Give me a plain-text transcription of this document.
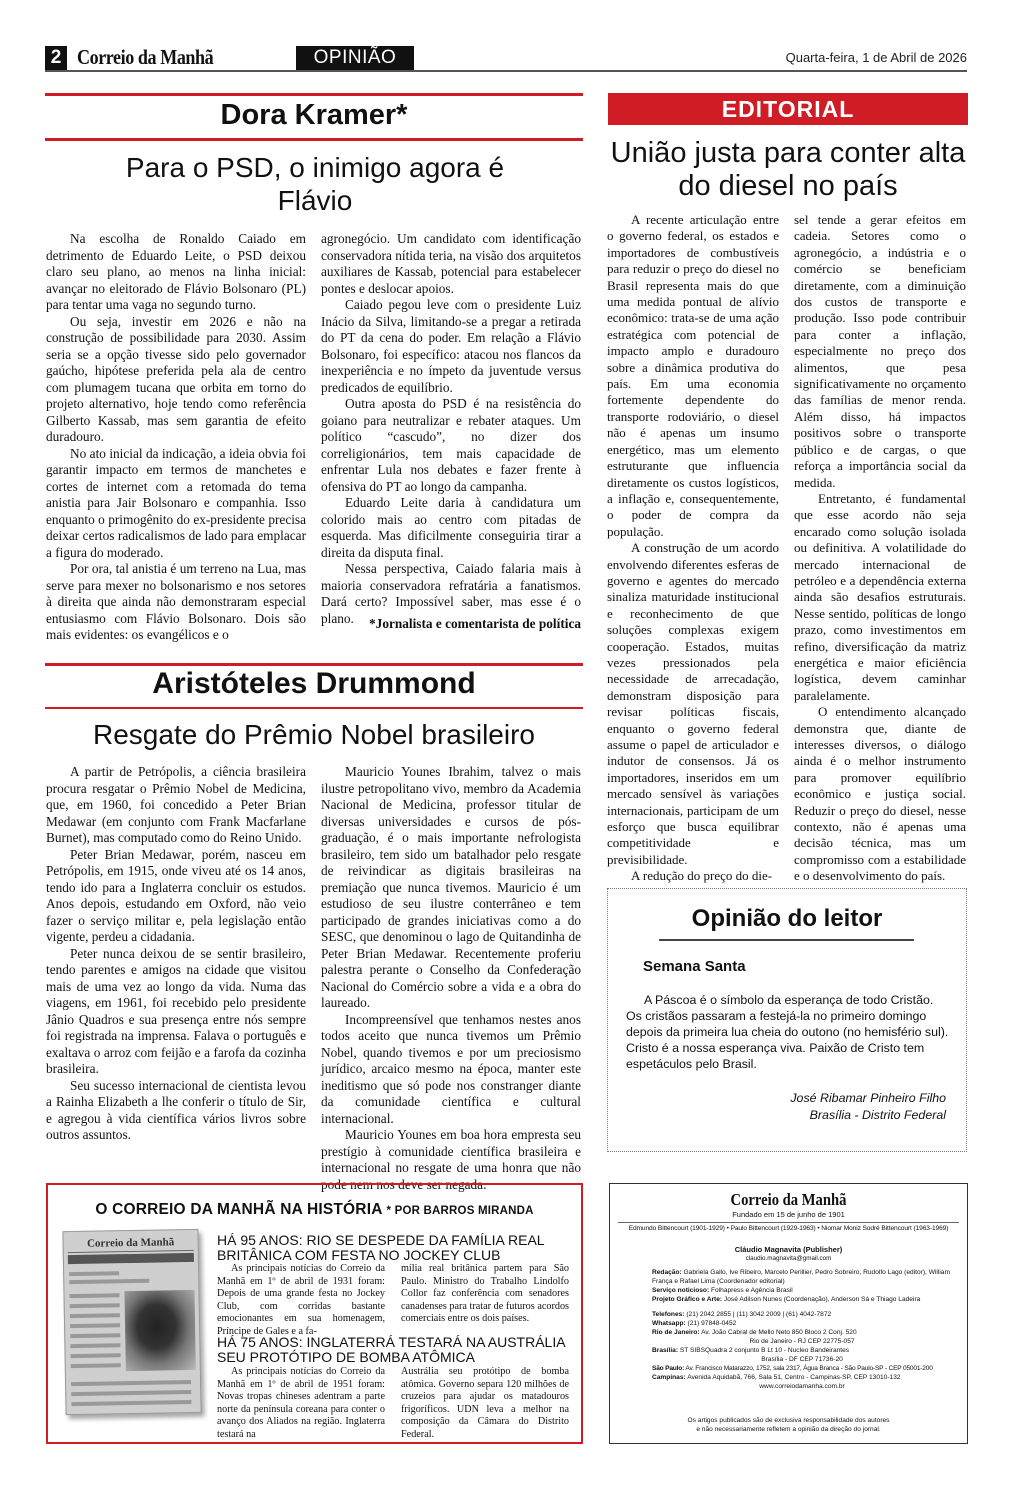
2 Correio da Manhã	OPINIÃO	Quarta-feira, 1 de Abril de 2026
Dora Kramer*
Para o PSD, o inimigo agora é Flávio

Na escolha de Ronaldo Caiado em detrimento de Eduardo Leite, o PSD deixou claro seu plano, ao menos na linha inicial: avançar no eleitorado de Flávio Bolsonaro (PL) para tentar uma vaga no segundo turno.

Ou seja, investir em 2026 e não na construção de possibilidade para 2030. Assim seria se a opção tivesse sido pelo governador gaúcho, hipótese preferida pela ala de centro com plumagem tucana que orbita em torno do projeto alternativo, hoje tendo como referência Gilberto Kassab, mas sem garantia de efeito duradouro.

No ato inicial da indicação, a ideia obvia foi garantir impacto em termos de manchetes e cortes de internet com a retomada do tema anistia para Jair Bolsonaro e companhia. Isso enquanto o primogênito do ex-presidente precisa deixar certos radicalismos de lado para emplacar a figura do moderado.

Por ora, tal anistia é um terreno na Lua, mas serve para mexer no bolsonarismo e nos setores à direita que ainda não demonstraram especial entusiasmo com Flávio Bolsonaro. Dois são mais evidentes: os evangélicos e o

agronegócio. Um candidato com identificação conservadora nítida teria, na visão dos arquitetos auxiliares de Kassab, potencial para estabelecer pontes e deslocar apoios.

Caiado pegou leve com o presidente Luiz Inácio da Silva, limitando-se a pregar a retirada do PT da cena do poder. Em relação a Flávio Bolsonaro, foi específico: atacou nos flancos da inexperiência e no ímpeto da juventude versus predicados de equilíbrio.

Outra aposta do PSD é na resistência do goiano para neutralizar e rebater ataques. Um político “cascudo”, no dizer dos correligionários, tem mais capacidade de enfrentar Lula nos debates e fazer frente à ofensiva do PT ao longo da campanha.

Eduardo Leite daria à candidatura um colorido mais ao centro com pitadas de esquerda. Mas dificilmente conseguiria tirar a direita da disputa final.

Nessa perspectiva, Caiado falaria mais à maioria conservadora refratária a fanatismos. Dará certo? Impossível saber, mas esse é o plano.	*Jornalista e comentarista de política
Aristóteles Drummond
Resgate do Prêmio Nobel brasileiro

A partir de Petrópolis, a ciência brasileira procura resgatar o Prêmio Nobel de Medicina, que, em 1960, foi concedido a Peter Brian Medawar (em conjunto com Frank Macfarlane Burnet), mas computado como do Reino Unido.

Peter Brian Medawar, porém, nasceu em Petrópolis, em 1915, onde viveu até os 14 anos, tendo ido para a Inglaterra concluir os estudos. Anos depois, estudando em Oxford, não veio fazer o serviço militar e, pela legislação então vigente, perdeu a cidadania.

Peter nunca deixou de se sentir brasileiro, tendo parentes e amigos na cidade que visitou mais de uma vez ao longo da vida. Numa das viagens, em 1961, foi recebido pelo presidente Jânio Quadros e sua presença entre nós sempre foi registrada na imprensa. Falava o português e exaltava o arroz com feijão e a farofa da cozinha brasileira.

Seu sucesso internacional de cientista levou a Rainha Elizabeth a lhe conferir o título de Sir, e agregou à vida científica vários livros sobre outros assuntos.

Mauricio Younes Ibrahim, talvez o mais ilustre petropolitano vivo, membro da Academia Nacional de Medicina, professor titular de diversas universidades e cursos de pós-graduação, é o mais importante nefrologista brasileiro, tem sido um batalhador pelo resgate de reivindicar as digitais brasileiras na premiação que nunca tivemos. Mauricio é um estudioso de seu ilustre conterrâneo e tem participado de grandes iniciativas como a do SESC, que denominou o lago de Quitandinha de Peter Brian Medawar. Recentemente proferiu palestra perante o Conselho da Confederação Nacional do Comércio sobre a vida e a obra do laureado.

Incompreensível que tenhamos nestes anos todos aceito que nunca tivemos um Prêmio Nobel, quando tivemos e por um preciosismo jurídico, arcaico mesmo na época, manter este ineditismo que só pode nos constranger diante da comunidade científica e cultural internacional.

Mauricio Younes em boa hora empresta seu prestígio à comunidade científica brasileira e internacional no resgate de uma honra que não pode nem nos deve ser negada.

EDITORIAL
União justa para conter alta do diesel no país

A recente articulação entre o governo federal, os estados e importadores de combustíveis para reduzir o preço do diesel no Brasil representa mais do que uma medida pontual de alívio econômico: trata-se de uma ação estratégica com potencial de impacto amplo e duradouro sobre a dinâmica produtiva do país. Em uma economia fortemente dependente do transporte rodoviário, o diesel não é apenas um insumo energético, mas um elemento estruturante que influencia diretamente os custos logísticos, a inflação e, consequentemente, o poder de compra da população.

A construção de um acordo envolvendo diferentes esferas de governo e agentes do mercado sinaliza maturidade institucional e reconhecimento de que soluções complexas exigem cooperação. Estados, muitas vezes pressionados pela necessidade de arrecadação, demonstram disposição para revisar políticas fiscais, enquanto o governo federal assume o papel de articulador e indutor de consensos. Já os importadores, inseridos em um mercado sensível às variações internacionais, participam de um esforço que busca equilibrar competitividade e previsibilidade.

A redução do preço do die-

sel tende a gerar efeitos em cadeia. Setores como o agronegócio, a indústria e o comércio se beneficiam diretamente, com a diminuição dos custos de transporte e produção. Isso pode contribuir para conter a inflação, especialmente no preço dos alimentos, que pesa significativamente no orçamento das famílias de menor renda. Além disso, há impactos positivos sobre o transporte público e de cargas, o que reforça a importância social da medida.

Entretanto, é fundamental que esse acordo não seja encarado como solução isolada ou definitiva. A volatilidade do mercado internacional de petróleo e a dependência externa ainda são desafios estruturais. Nesse sentido, políticas de longo prazo, como investimentos em refino, diversificação da matriz energética e maior eficiência logística, devem caminhar paralelamente.

O entendimento alcançado demonstra que, diante de interesses diversos, o diálogo ainda é o melhor instrumento para promover equilíbrio econômico e justiça social. Reduzir o preço do diesel, nesse contexto, não é apenas uma decisão técnica, mas um compromisso com a estabilidade e o desenvolvimento do país.

Opinião do leitor
Semana Santa

A Páscoa é o símbolo da esperança de todo Cristão. Os cristãos passaram a festejá-la no primeiro domingo depois da primeira lua cheia do outono (no hemisfério sul). Cristo é a nossa esperança viva. Paixão de Cristo tem espetáculos pelo Brasil.

José Ribamar Pinheiro Filho
Brasília - Distrito Federal
O CORREIO DA MANHÃ NA HISTÓRIA * POR BARROS MIRANDA
Correio da Manhã	HÁ 95 ANOS: RIO SE DESPEDE DA FAMÍLIA REAL BRITÂNICA COM FESTA NO JOCKEY CLUB

As principais notícias do Correio da Manhã em 1º de abril de 1931 foram: Depois de uma grande festa no Jockey Club, com corridas bastante emocionantes em sua homenagem, Príncipe de Gales e a fa-

mília real britânica partem para São Paulo. Ministro do Trabalho Lindolfo Collor faz conferência com senadores canadenses para tratar de futuros acordos comerciais entre os dois países.

HÁ 75 ANOS: INGLATERRÁ TESTARÁ NA AUSTRÁLIA SEU PROTÓTIPO DE BOMBA ATÔMICA

As principais notícias do Correio da Manhã em 1º de abril de 1951 foram: Novas tropas chineses adentram a parte norte da península coreana para conter o avanço dos Aliados na região. Inglaterra testará na

Austrália seu protótipo de bomba atômica. Governo separa 120 milhões de cruzeios para ajudar os matadouros frigoríficos. UDN leva a melhor na composição da Câmara do Distrito Federal.

Correio da Manhã
Fundado em 15 de junho de 1901
Edmundo Bittencourt (1901-1929) • Paulo Bittencourt (1929-1963) • Niomar Moniz Sodré Bittencourt (1963-1969)
Cláudio Magnavita (Publisher)
claudio.magnavita@gmail.com
Redação: Gabriela Gallo, Ive Ribeiro, Marcelo Perillier, Pedro Sobreiro, Rudolfo Lago (editor), William França e Rafael Lima (Coordenador editorial)
Serviço noticioso: Folhapress e Agência Brasil
Projeto Gráfico e Arte: José Adilson Nunes (Coordenação), Anderson Sá e Thiago Ladeira
Telefones: (21) 2042 2855 | (11) 3042 2009 | (61) 4042-7872
Whatsapp: (21) 97848-0452
Rio de Janeiro: Av. João Cabral de Mello Neto 850 Bloco 2 Conj. 520
Rio de Janeiro - RJ CEP 22775-057
Brasília: ST SIBSQuadra 2 conjunto B Lt 10 - Nucleo Bandeirantes
Brasília - DF CEP 71736-20
São Paulo: Av. Francisco Matarazzo, 1752, sala 2317, Água Branca - São Paulo-SP - CEP 05001-200
Campinas: Avenida Aquidabã, 766, Sala 51, Centro - Campinas-SP, CEP 13010-132
www.correiodamanha.com.br
Os artigos publicados são de exclusiva responsabilidade dos autores
e não necessariamente refletem a opinião da direção do jornal.
